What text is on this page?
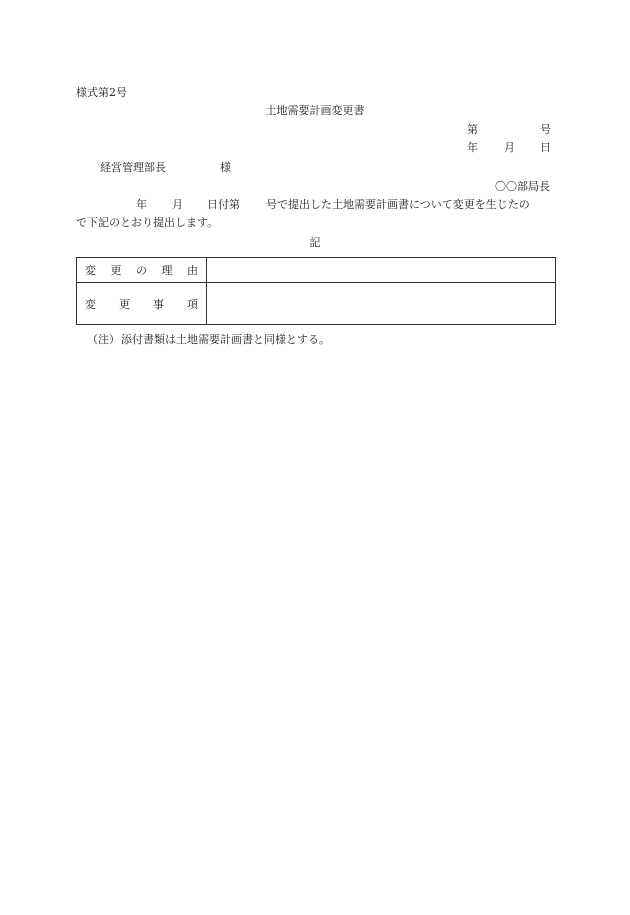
様式第2号
土地需要計画変更書
第	号
年 月 日
経営管理部長	様
〇〇部局長
年 月 日付第 号で提出した土地需要計画書について変更を生じたの
で下記のとおり提出します。
記
変 更 の 理 由	

変 更 事 項	

（注） 添付書類は土地需要計画書と同様とする。
